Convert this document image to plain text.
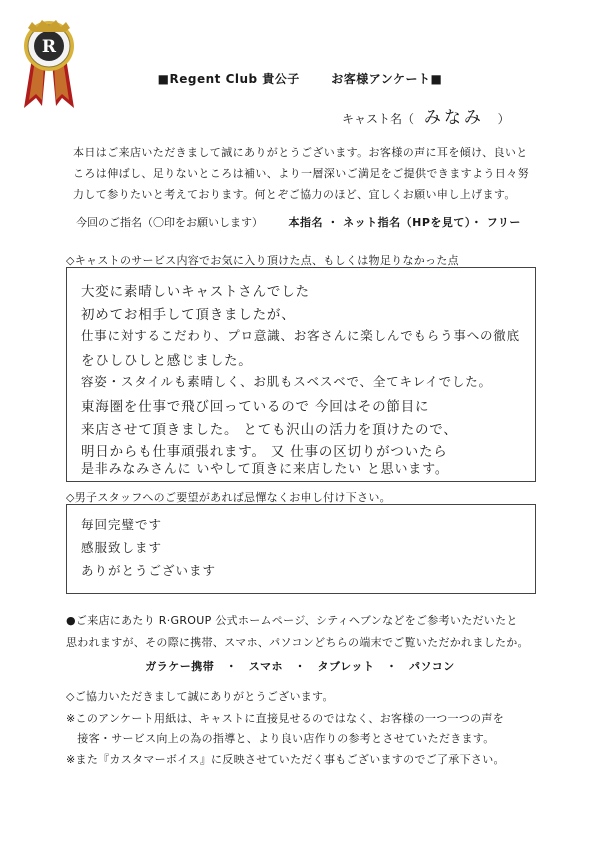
R
■Regent Club 貴公子	お客様アンケート■
キャスト名（ みなみ ）
本日はご来店いただきまして誠にありがとうございます。お客様の声に耳を傾け、良いと
ころは伸ばし、足りないところは補い、より一層深いご満足をご提供できますよう日々努
力して参りたいと考えております。何とぞご協力のほど、宜しくお願い申し上げます。
今回のご指名（〇印をお願いします） 本指名 ・ ネット指名（HPを見て）・ フリー
◇キャストのサービス内容でお気に入り頂けた点、もしくは物足りなかった点
大変に素晴しいキャストさんでした
初めてお相手して頂きましたが、
仕事に対するこだわり、プロ意識、お客さんに楽しんでもらう事への徹底
をひしひしと感じました。
容姿・スタイルも素晴しく、お肌もスベスベで、全てキレイでした。
東海圏を仕事で飛び回っているので 今回はその節目に
来店させて頂きました。 とても沢山の活力を頂けたので、
明日からも仕事頑張れます。 又 仕事の区切りがついたら
是非みなみさんに いやして頂きに来店したい と思います。
◇男子スタッフへのご要望があれば忌憚なくお申し付け下さい。
毎回完璧です
感服致します
ありがとうございます
●ご来店にあたり R·GROUP 公式ホームページ、シティヘブンなどをご参考いただいたと
思われますが、その際に携帯、スマホ、パソコンどちらの端末でご覧いただかれましたか。
ガラケー携帯　・　スマホ　・　タブレット　・　パソコン
◇ご協力いただきまして誠にありがとうございます。
※このアンケート用紙は、キャストに直接見せるのではなく、お客様の一つ一つの声を
　接客・サービス向上の為の指導と、より良い店作りの参考とさせていただきます。
※また『カスタマーボイス』に反映させていただく事もございますのでご了承下さい。
